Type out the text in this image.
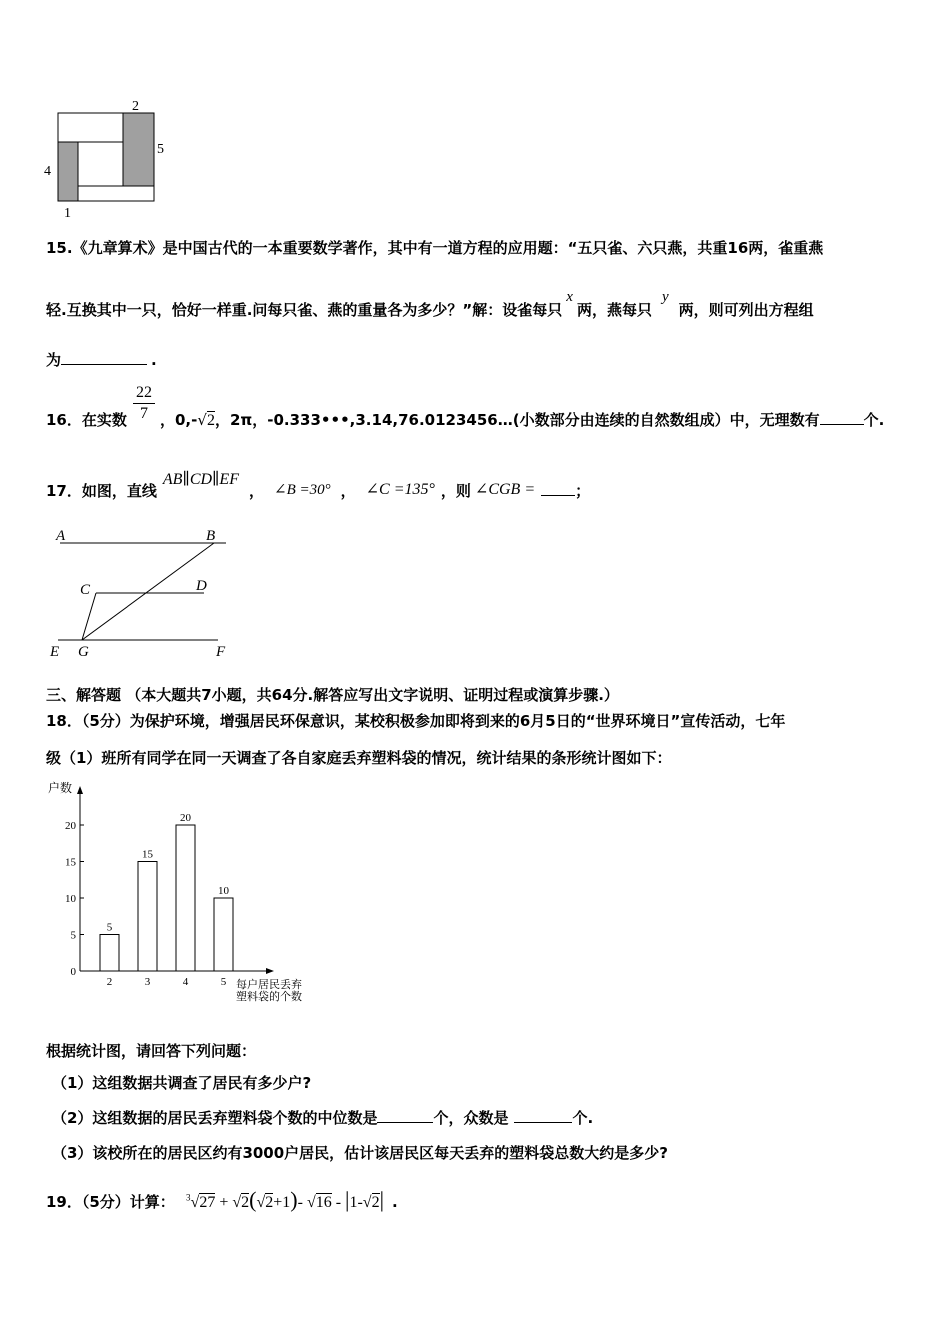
2
5
4
1
15.《九章算术》是中国古代的一本重要数学著作，其中有一道方程的应用题：“五只雀、六只燕，共重16两，雀重燕
轻.互换其中一只，恰好一样重.问每只雀、燕的重量各为多少？”解：设雀每只x两，燕每只y两，则可列出方程组
为	.
16．在实数 $\frac{22}{7}$ ，0,-√2，2π，-0.333•••,3.14,76.0123456…(小数部分由连续的自然数组成）中，无理数有	个.
17．如图，直线AB∥CD∥EF， ∠B =30° ， ∠C =135° ，则 ∠CGB =	；
A	B
C	D
E G	F
三、解答题 （本大题共7小题，共64分.解答应写出文字说明、证明过程或演算步骤.）
18．（5分）为保护环境，增强居民环保意识，某校积极参加即将到来的6月5日的“世界环境日”宣传活动，七年
级（1）班所有同学在同一天调查了各自家庭丢弃塑料袋的情况，统计结果的条形统计图如下：
户数
0
5
10
15
20
5
2
15
3
20
4
10
5 每户居民丢弃
塑料袋的个数
根据统计图，请回答下列问题：
（1）这组数据共调查了居民有多少户?
（2）这组数据的居民丢弃塑料袋个数的中位数是	个，众数是	个.
（3）该校所在的居民区约有3000户居民，估计该居民区每天丢弃的塑料袋总数大约是多少?
19．（5分）计算： $^3$√27 + √2(√2+1)- √16 - |1-√2| .
